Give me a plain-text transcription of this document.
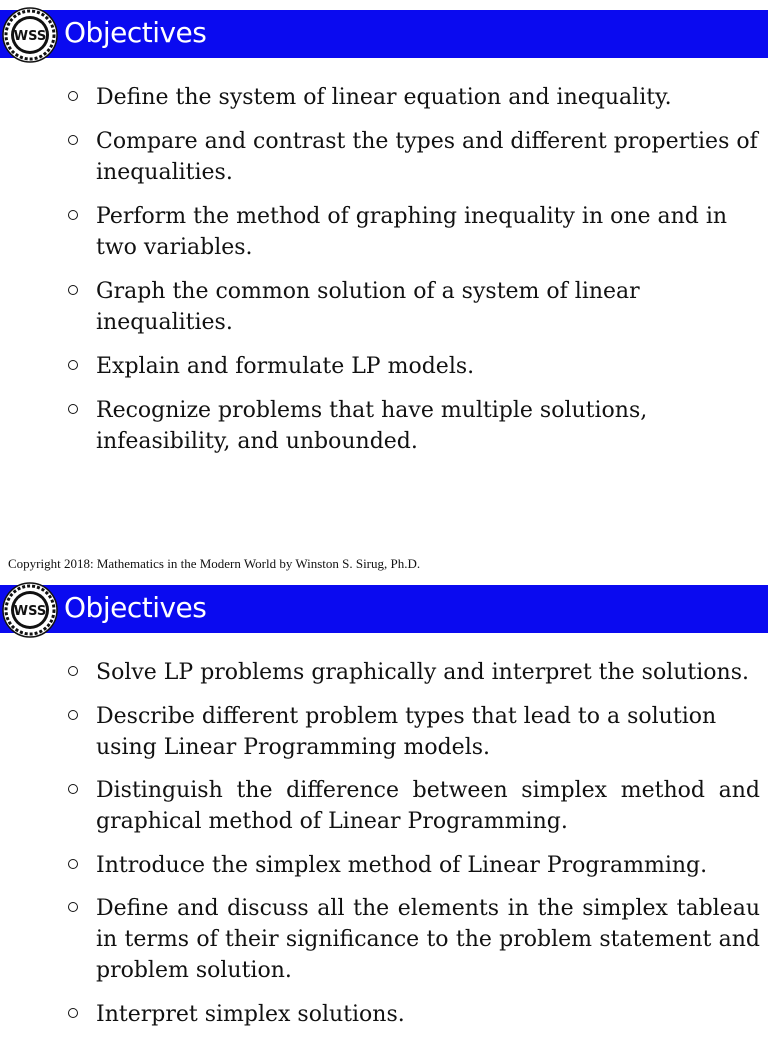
Objectives
WSS
Define the system of linear equation and inequality.
Compare and contrast the types and different properties of inequalities.
Perform the method of graphing inequality in one and in two variables.
Graph the common solution of a system of linear inequalities.
Explain and formulate LP models.
Recognize problems that have multiple solutions, infeasibility, and unbounded.
Copyright 2018: Mathematics in the Modern World by Winston S. Sirug, Ph.D.
Objectives
WSS
Solve LP problems graphically and interpret the solutions.
Describe different problem types that lead to a solution using Linear Programming models.
Distinguish the difference between simplex method and graphical method of Linear Programming.
Introduce the simplex method of Linear Programming.
Define and discuss all the elements in the simplex tableau in terms of their significance to the problem statement and problem solution.
Interpret simplex solutions.
